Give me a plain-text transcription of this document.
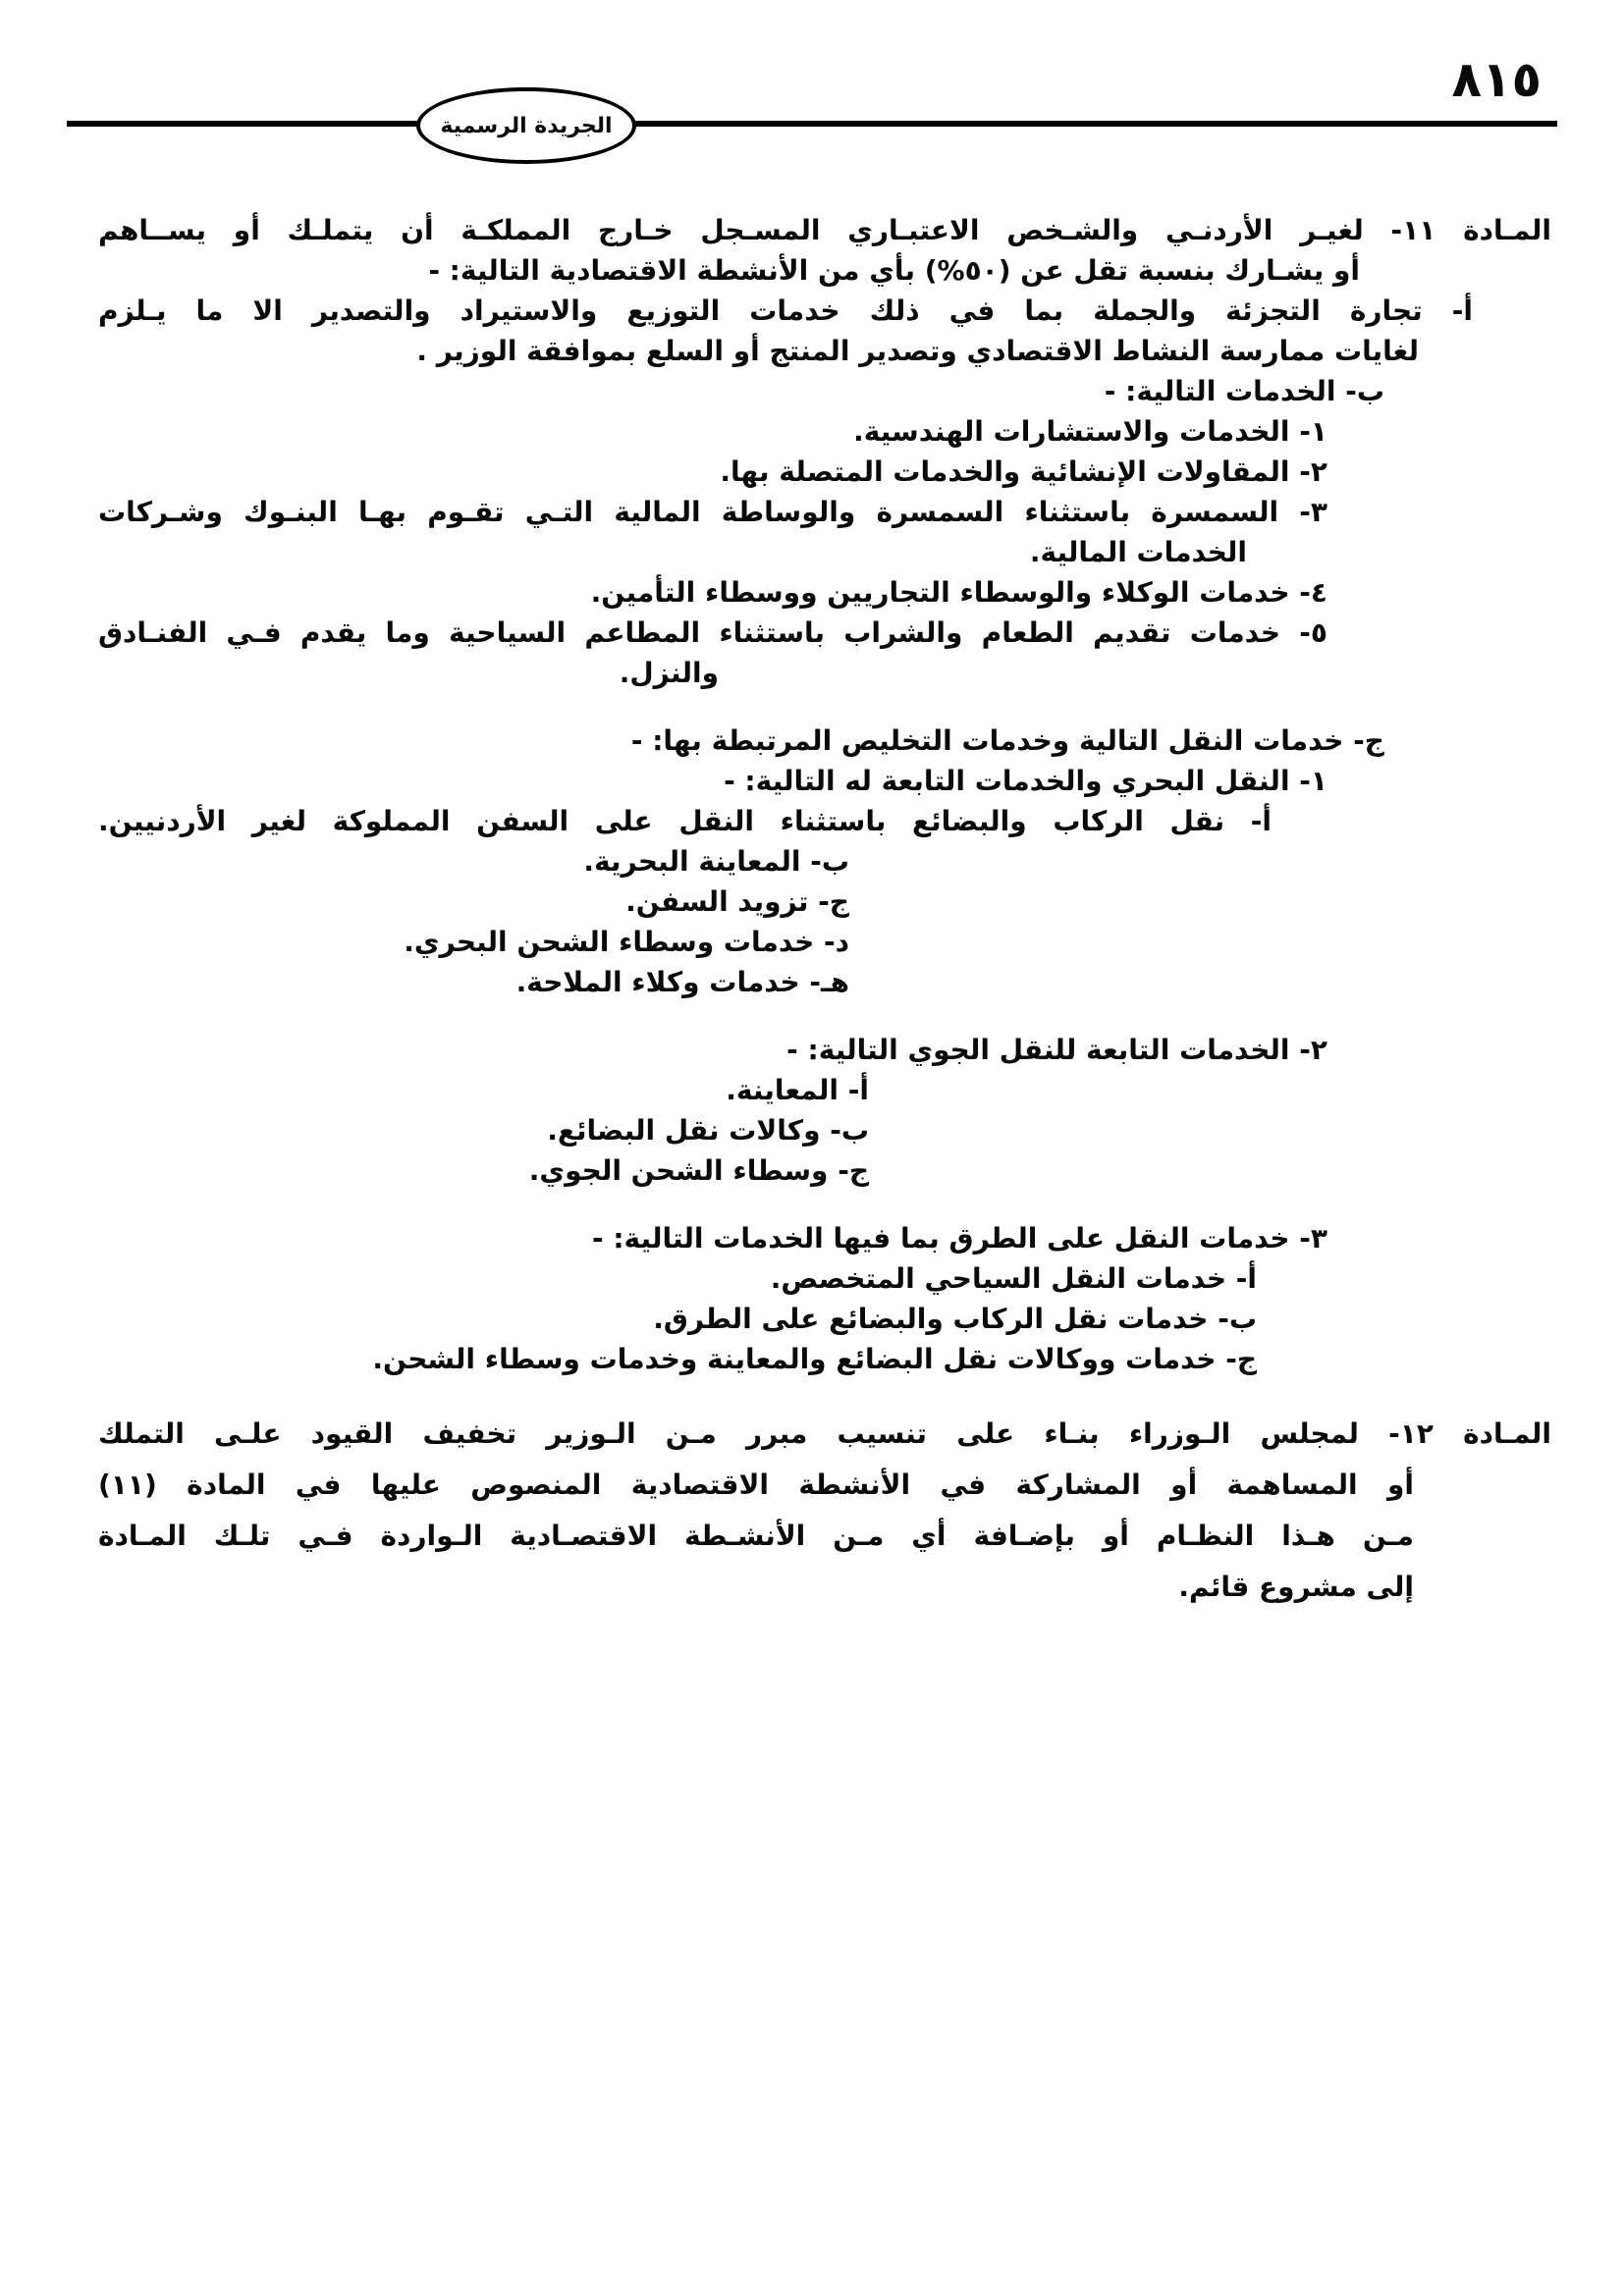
٨١٥
الجريدة الرسمية
المـادة ١١- لغيـر الأردنـي والشـخص الاعتبـاري المسـجل خـارج المملكـة أن يتملـك أو يســاهم
أو يشـارك بنسبة تقل عن (٥٠%) بأي من الأنشطة الاقتصادية التالية: -
أ- تجارة التجزئة والجملة بما في ذلك خدمات التوزيع والاستيراد والتصدير الا ما يـلزم
لغايات ممارسة النشاط الاقتصادي وتصدير المنتج أو السلع بموافقة الوزير .
ب- الخدمات التالية: -
١- الخدمات والاستشارات الهندسية.
٢- المقاولات الإنشائية والخدمات المتصلة بها.
٣- السمسرة باستثناء السمسرة والوساطة المالية التـي تقـوم بهـا البنـوك وشـركات
الخدمات المالية.
٤- خدمات الوكلاء والوسطاء التجاريين ووسطاء التأمين.
٥- خدمات تقديم الطعام والشراب باستثناء المطاعم السياحية وما يقدم فـي الفنـادق
والنزل.
ج- خدمات النقل التالية وخدمات التخليص المرتبطة بها: -
١- النقل البحري والخدمات التابعة له التالية: -
أ- نقل الركاب والبضائع باستثناء النقل على السفن المملوكة لغير الأردنيين.
ب- المعاينة البحرية.
ج- تزويد السفن.
د- خدمات وسطاء الشحن البحري.
هـ- خدمات وكلاء الملاحة.
٢- الخدمات التابعة للنقل الجوي التالية: -
أ- المعاينة.
ب- وكالات نقل البضائع.
ج- وسطاء الشحن الجوي.
٣- خدمات النقل على الطرق بما فيها الخدمات التالية: -
أ- خدمات النقل السياحي المتخصص.
ب- خدمات نقل الركاب والبضائع على الطرق.
ج- خدمات ووكالات نقل البضائع والمعاينة وخدمات وسطاء الشحن.
المـادة ١٢- لمجلس الـوزراء بنـاء على تنسيب مبرر مـن الـوزير تخفيف القيود علـى التملك
أو المساهمة أو المشاركة في الأنشطة الاقتصادية المنصوص عليها في المادة (١١)
مـن هـذا النظـام أو بإضـافة أي مـن الأنشـطة الاقتصـادية الـواردة فـي تلـك المـادة
إلى مشروع قائم.
